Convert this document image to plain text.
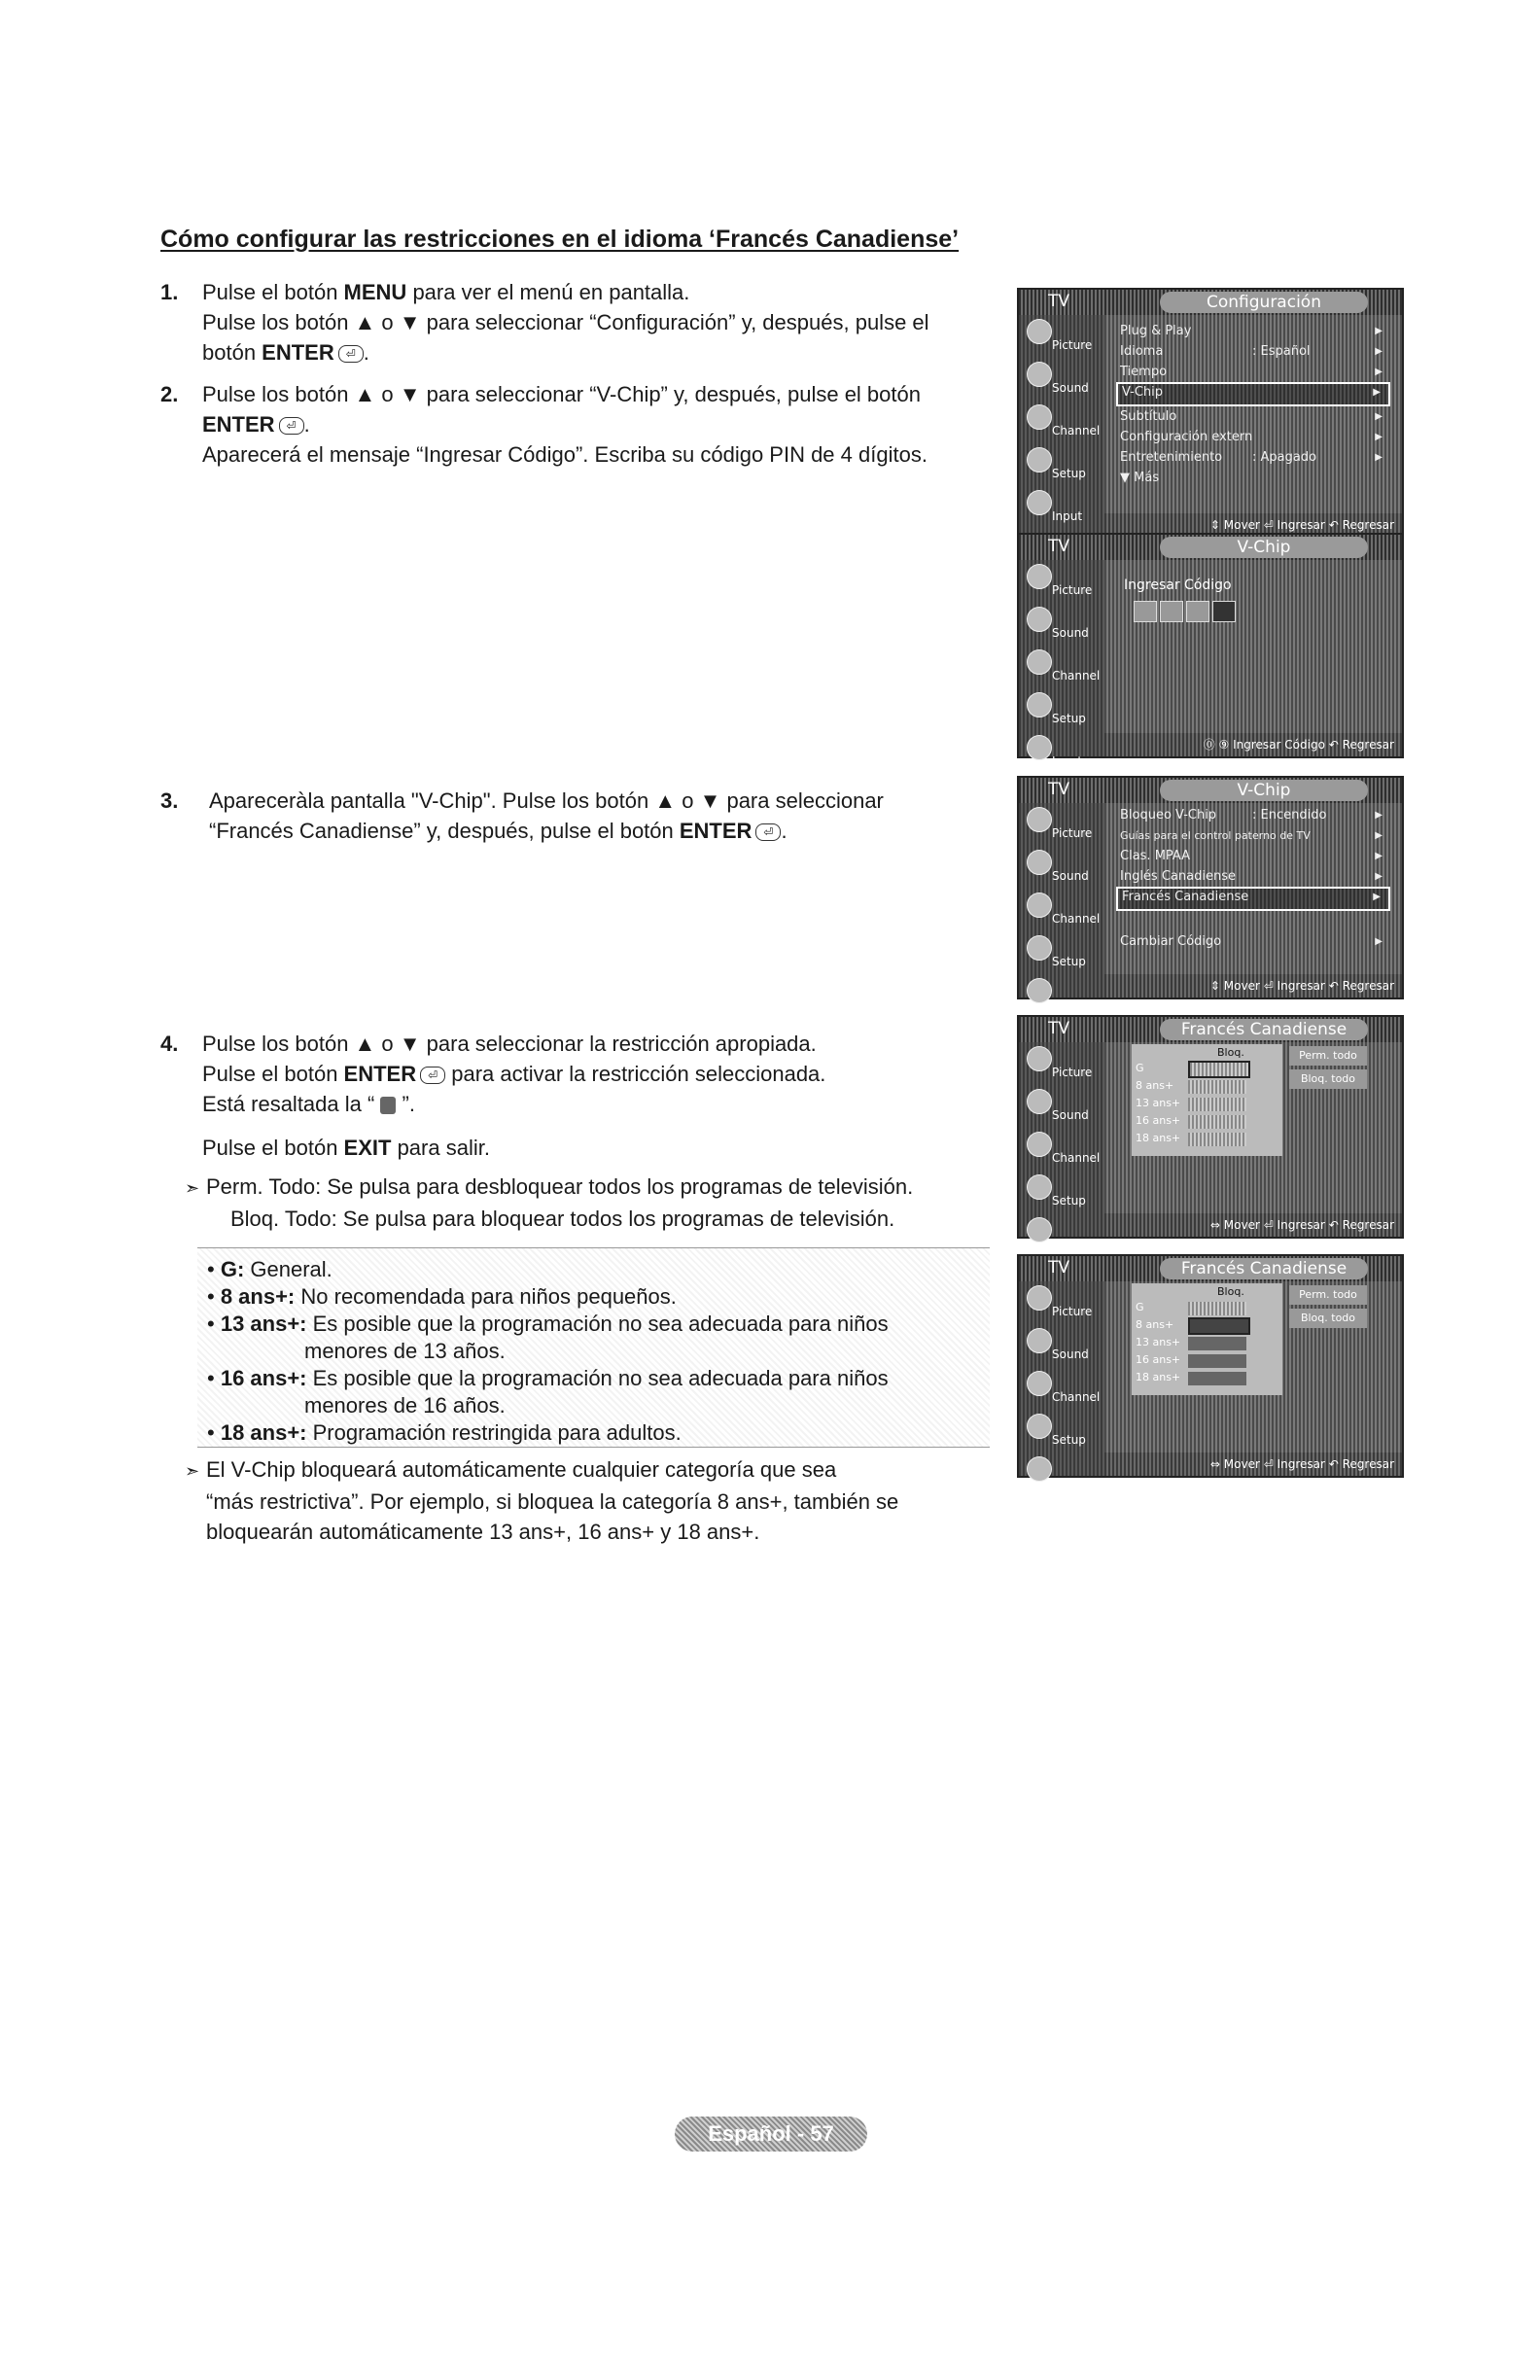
Cómo configurar las restricciones en el idioma ‘Francés Canadiense’
1. Pulse el botón MENU para ver el menú en pantalla.

Pulse los botón ▲ o ▼ para seleccionar “Configuración” y, después, pulse el

botón ENTER ⏎ .

2. Pulse los botón ▲ o ▼ para seleccionar “V-Chip” y, después, pulse el botón

ENTER ⏎ .

Aparecerá el mensaje “Ingresar Código”. Escriba su código PIN de 4 dígitos.

3. Apareceràla pantalla "V-Chip". Pulse los botón ▲ o ▼ para seleccionar

“Francés Canadiense” y, después, pulse el botón ENTER ⏎ .

4. Pulse los botón ▲ o ▼ para seleccionar la restricción apropiada.

Pulse el botón ENTER ⏎ para activar la restricción seleccionada.

Está resaltada la “  ”.

Pulse el botón EXIT para salir.

➣ Perm. Todo: Se pulsa para desbloquear todos los programas de televisión.
Bloq. Todo: Se pulsa para bloquear todos los programas de televisión.
• G: General.
• 8 ans+: No recomendada para niños pequeños.
• 13 ans+: Es posible que la programación no sea adecuada para niños
menores de 13 años.
• 16 ans+: Es posible que la programación no sea adecuada para niños
menores de 16 años.
• 18 ans+: Programación restringida para adultos.
➣ El V-Chip bloqueará automáticamente cualquier categoría que sea
“más restrictiva”. Por ejemplo, si bloquea la categoría 8 ans+, también se
bloquearán automáticamente 13 ans+, 16 ans+ y 18 ans+.
TV	Configuración
Picture
Sound
Channel
Setup
Input
Plug & Play	▶
Idioma	: Español	▶
Tiempo	▶
V-Chip	▶
Subtítulo	▶
Configuración extern	▶
Entretenimiento : Apagado	▶
▼ Más
⇕ Mover ⏎ Ingresar ↶ Regresar
TV	V-Chip
Picture
Sound
Channel
Setup
Input
Ingresar Código
⓪ ⑨ Ingresar Código ↶ Regresar
TV	V-Chip
Picture
Sound
Channel
Setup
Input
Bloqueo V-Chip	: Encendido	▶
Guías para el control paterno de TV	▶
Clas. MPAA	▶
Inglés Canadiense	▶
Francés Canadiense	▶
Cambiar Código	▶
⇕ Mover ⏎ Ingresar ↶ Regresar
TV	Francés Canadiense
Picture
Sound
Channel
Setup
Input
Bloq.
G
8 ans+
13 ans+
16 ans+
18 ans+
Perm. todo
Bloq. todo
⇔ Mover ⏎ Ingresar ↶ Regresar
TV	Francés Canadiense
Picture
Sound
Channel
Setup
Input
Bloq.
G
8 ans+
13 ans+
16 ans+
18 ans+
Perm. todo
Bloq. todo
⇔ Mover ⏎ Ingresar ↶ Regresar
Español - 57
